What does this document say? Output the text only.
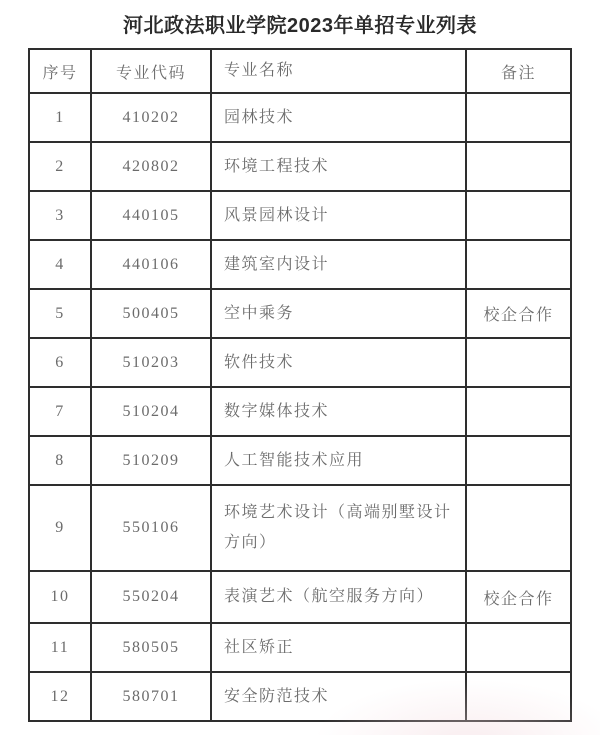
河北政法职业学院2023年单招专业列表
序号	专业代码	专业名称	备注
1	410202	园林技术	
2	420802	环境工程技术	
3	440105	风景园林设计	
4	440106	建筑室内设计	
5	500405	空中乘务	校企合作
6	510203	软件技术	
7	510204	数字媒体技术	
8	510209	人工智能技术应用	
9	550106	环境艺术设计（高端别墅设计方向）	
10	550204	表演艺术（航空服务方向）	校企合作
11	580505	社区矫正	
12	580701	安全防范技术	
